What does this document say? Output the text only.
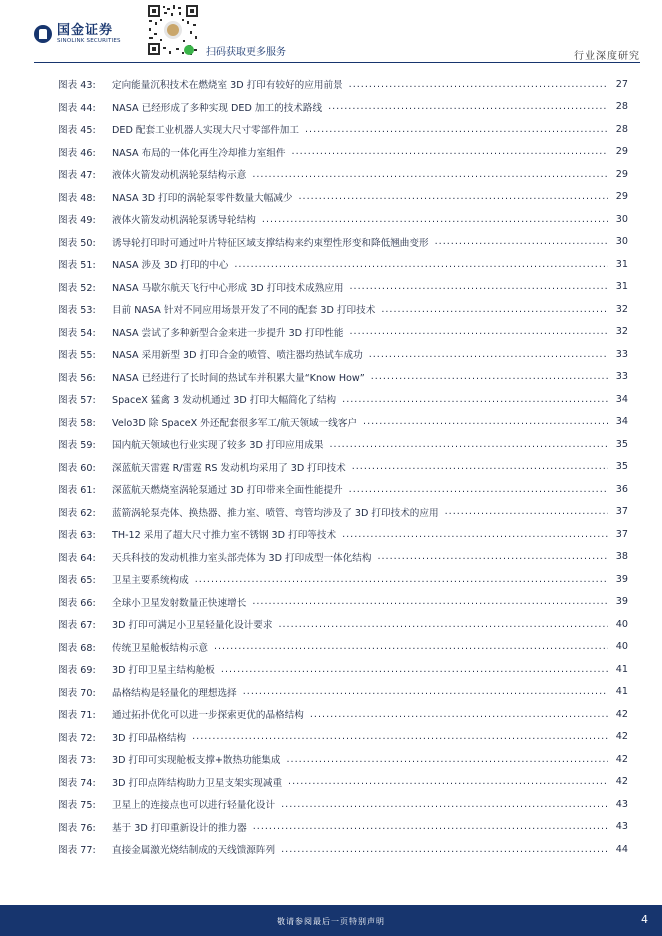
国金证券
SINOLINK SECURITIES
扫码获取更多服务	行业深度研究
图表 43:	定向能量沉积技术在燃烧室 3D 打印有较好的应用前景 .....	27
图表 44:	NASA 已经形成了多种实现 DED 加工的技术路线 .....	28
图表 45:	DED 配套工业机器人实现大尺寸零部件加工 .....	28
图表 46:	NASA 布局的一体化再生冷却推力室组件 .....	29
图表 47:	液体火箭发动机涡轮泵结构示意 .....	29
图表 48:	NASA 3D 打印的涡轮泵零件数量大幅减少 .....	29
图表 49:	液体火箭发动机涡轮泵诱导轮结构 .....	30
图表 50:	诱导轮打印时可通过叶片特征区域支撑结构来约束塑性形变和降低翘曲变形 .....	30
图表 51:	NASA 涉及 3D 打印的中心 .....	31
图表 52:	NASA 马歇尔航天飞行中心形成 3D 打印技术成熟应用 .....	31
图表 53:	目前 NASA 针对不同应用场景开发了不同的配套 3D 打印技术 .....	32
图表 54:	NASA 尝试了多种新型合金来进一步提升 3D 打印性能 .....	32
图表 55:	NASA 采用新型 3D 打印合金的喷管、喷注器均热试车成功 .....	33
图表 56:	NASA 已经进行了长时间的热试车并积累大量“Know How” .....	33
图表 57:	SpaceX 猛禽 3 发动机通过 3D 打印大幅简化了结构 .....	34
图表 58:	Velo3D 除 SpaceX 外还配套很多军工/航天领域一线客户 .....	34
图表 59:	国内航天领域也行业实现了较多 3D 打印应用成果 .....	35
图表 60:	深蓝航天雷霆 R/雷霆 RS 发动机均采用了 3D 打印技术 .....	35
图表 61:	深蓝航天燃烧室涡轮泵通过 3D 打印带来全面性能提升 .....	36
图表 62:	蓝箭涡轮泵壳体、换热器、推力室、喷管、弯管均涉及了 3D 打印技术的应用 .....	37
图表 63:	TH-12 采用了超大尺寸推力室不锈钢 3D 打印等技术 .....	37
图表 64:	天兵科技的发动机推力室头部壳体为 3D 打印成型一体化结构 .....	38
图表 65:	卫星主要系统构成 .....	39
图表 66:	全球小卫星发射数量正快速增长 .....	39
图表 67:	3D 打印可满足小卫星轻量化设计要求 .....	40
图表 68:	传统卫星舱板结构示意 .....	40
图表 69:	3D 打印卫星主结构舱板 .....	41
图表 70:	晶格结构是轻量化的理想选择 .....	41
图表 71:	通过拓扑优化可以进一步探索更优的晶格结构 .....	42
图表 72:	3D 打印晶格结构 .....	42
图表 73:	3D 打印可实现舱板支撑+散热功能集成 .....	42
图表 74:	3D 打印点阵结构助力卫星支架实现减重 .....	42
图表 75:	卫星上的连接点也可以进行轻量化设计 .....	43
图表 76:	基于 3D 打印重新设计的推力器 .....	43
图表 77:	直接金属激光烧结制成的天线馈源阵列 .....	44
敬请参阅最后一页特别声明	4
